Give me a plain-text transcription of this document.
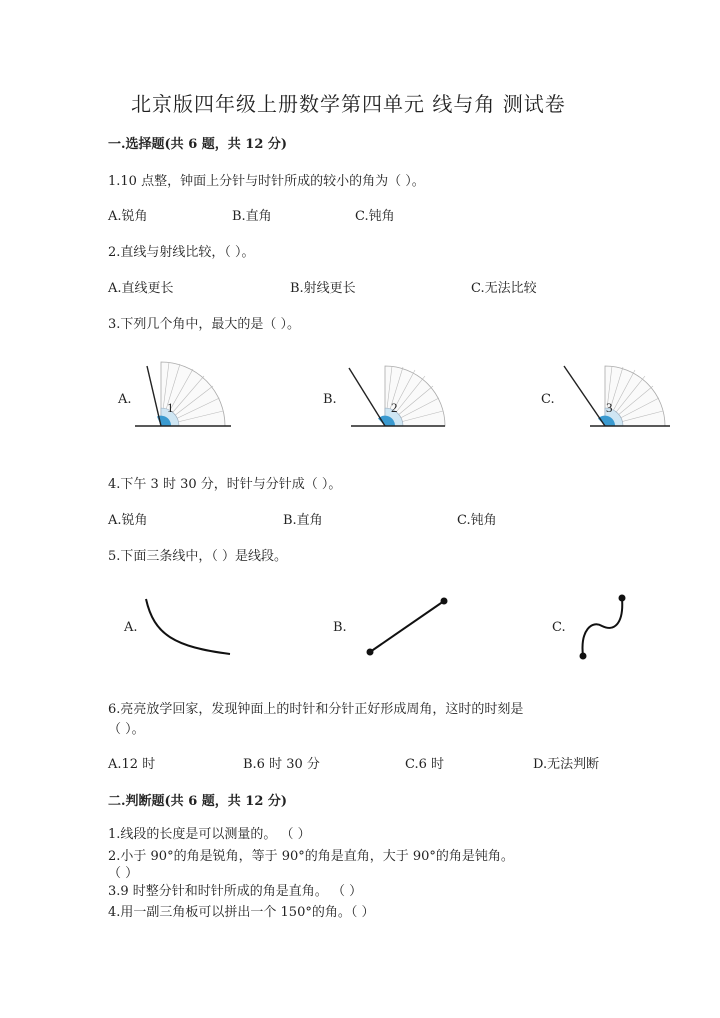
北京版四年级上册数学第四单元 线与角 测试卷
一.选择题(共 6 题，共 12 分)
1.10 点整，钟面上分针与时针所成的较小的角为（ ）。
A.锐角	B.直角	C.钝角
2.直线与射线比较，（ ）。
A.直线更长	B.射线更长	C.无法比较
3.下列几个角中，最大的是（ ）。
A.	B.	C.
1	2	3
4.下午 3 时 30 分，时针与分针成（ ）。
A.锐角	B.直角	C.钝角
5.下面三条线中，（ ）是线段。
A.	B.	C.
6.亮亮放学回家，发现钟面上的时针和分针正好形成周角，这时的时刻是
（ ）。
A.12 时	B.6 时 30 分	C.6 时	D.无法判断
二.判断题(共 6 题，共 12 分)
1.线段的长度是可以测量的。 （ ）
2.小于 90°的角是锐角，等于 90°的角是直角，大于 90°的角是钝角。
（ ）
3.9 时整分针和时针所成的角是直角。 （ ）
4.用一副三角板可以拼出一个 150°的角。（ ）
